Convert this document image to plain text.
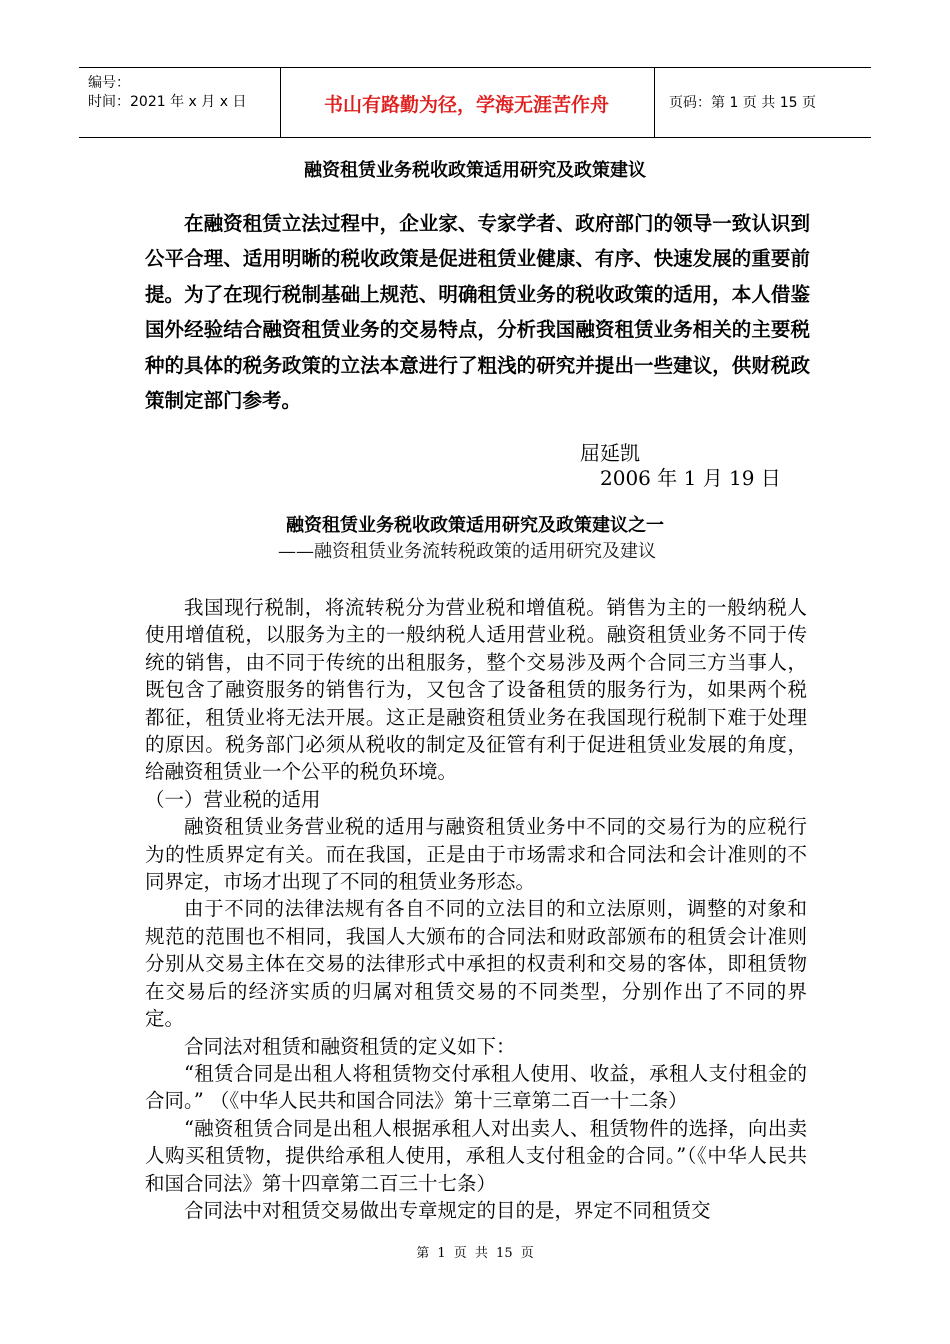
编号：
时间：2021 年 x 月 x 日	书山有路勤为径，学海无涯苦作舟	页码：第 1 页 共 15 页
融资租赁业务税收政策适用研究及政策建议

在融资租赁立法过程中，企业家、专家学者、政府部门的领导一致认识到公平合理、适用明晰的税收政策是促进租赁业健康、有序、快速发展的重要前提。为了在现行税制基础上规范、明确租赁业务的税收政策的适用，本人借鉴国外经验结合融资租赁业务的交易特点，分析我国融资租赁业务相关的主要税种的具体的税务政策的立法本意进行了粗浅的研究并提出一些建议，供财税政策制定部门参考。

屈延凯
2006 年 1 月 19 日
融资租赁业务税收政策适用研究及政策建议之一
——融资租赁业务流转税政策的适用研究及建议

我国现行税制，将流转税分为营业税和增值税。销售为主的一般纳税人使用增值税，以服务为主的一般纳税人适用营业税。融资租赁业务不同于传统的销售，由不同于传统的出租服务，整个交易涉及两个合同三方当事人，既包含了融资服务的销售行为，又包含了设备租赁的服务行为，如果两个税都征，租赁业将无法开展。这正是融资租赁业务在我国现行税制下难于处理的原因。税务部门必须从税收的制定及征管有利于促进租赁业发展的角度，给融资租赁业一个公平的税负环境。

（一）营业税的适用

融资租赁业务营业税的适用与融资租赁业务中不同的交易行为的应税行为的性质界定有关。而在我国，正是由于市场需求和合同法和会计准则的不同界定，市场才出现了不同的租赁业务形态。

由于不同的法律法规有各自不同的立法目的和立法原则，调整的对象和规范的范围也不相同，我国人大颁布的合同法和财政部颁布的租赁会计准则分别从交易主体在交易的法律形式中承担的权责利和交易的客体，即租赁物在交易后的经济实质的归属对租赁交易的不同类型，分别作出了不同的界定。

合同法对租赁和融资租赁的定义如下：

“租赁合同是出租人将租赁物交付承租人使用、收益，承租人支付租金的合同。” （《中华人民共和国合同法》第十三章第二百一十二条）

“融资租赁合同是出租人根据承租人对出卖人、租赁物件的选择，向出卖人购买租赁物，提供给承租人使用，承租人支付租金的合同。”（《中华人民共和国合同法》第十四章第二百三十七条）

合同法中对租赁交易做出专章规定的目的是，界定不同租赁交

第 1 页 共 15 页
